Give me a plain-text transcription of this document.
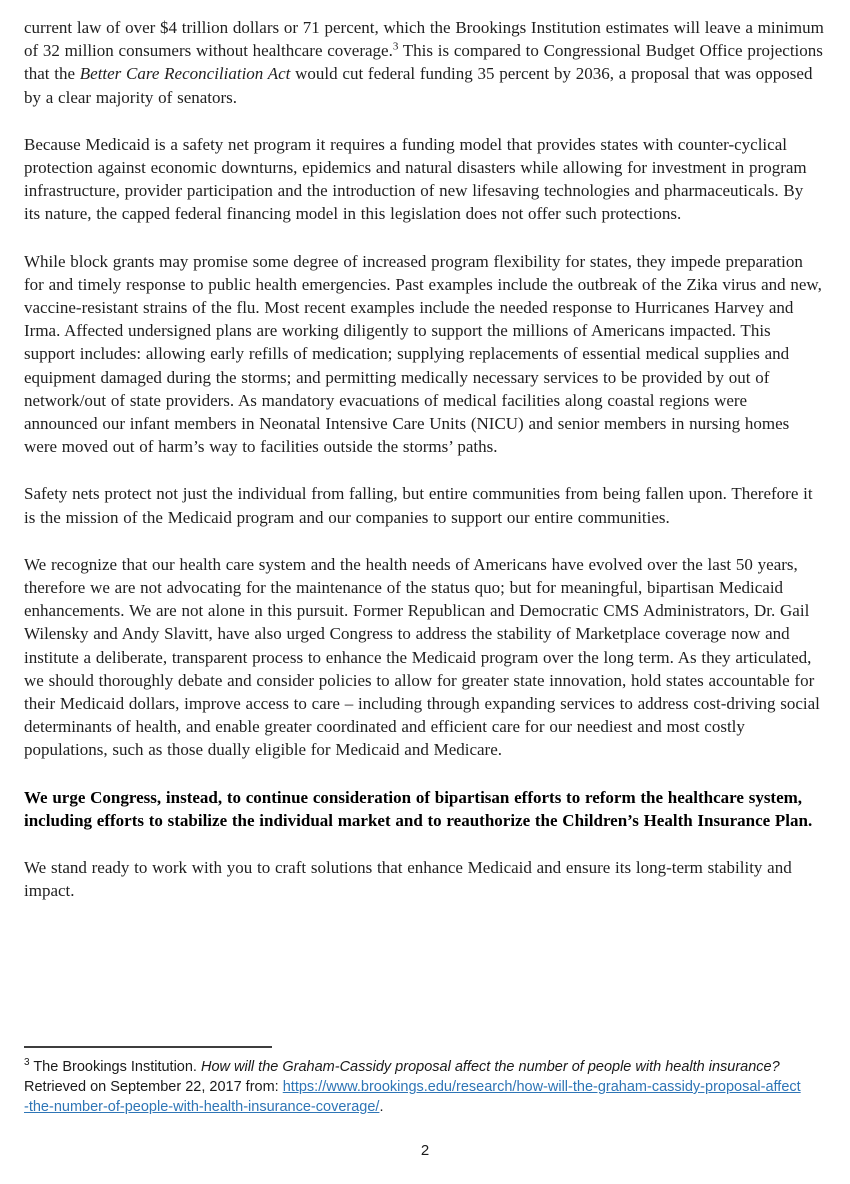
current law of over $4 trillion dollars or 71 percent, which the Brookings Institution estimates will leave a minimum of 32 million consumers without healthcare coverage.$^3$ This is compared to Congressional Budget Office projections that the Better Care Reconciliation Act would cut federal funding 35 percent by 2036, a proposal that was opposed by a clear majority of senators.

Because Medicaid is a safety net program it requires a funding model that provides states with counter-cyclical protection against economic downturns, epidemics and natural disasters while allowing for investment in program infrastructure, provider participation and the introduction of new lifesaving technologies and pharmaceuticals. By its nature, the capped federal financing model in this legislation does not offer such protections.

While block grants may promise some degree of increased program flexibility for states, they impede preparation for and timely response to public health emergencies. Past examples include the outbreak of the Zika virus and new, vaccine-resistant strains of the flu. Most recent examples include the needed response to Hurricanes Harvey and Irma. Affected undersigned plans are working diligently to support the millions of Americans impacted. This support includes: allowing early refills of medication; supplying replacements of essential medical supplies and equipment damaged during the storms; and permitting medically necessary services to be provided by out of network/out of state providers. As mandatory evacuations of medical facilities along coastal regions were announced our infant members in Neonatal Intensive Care Units (NICU) and senior members in nursing homes were moved out of harm’s way to facilities outside the storms’ paths.

Safety nets protect not just the individual from falling, but entire communities from being fallen upon. Therefore it is the mission of the Medicaid program and our companies to support our entire communities.

We recognize that our health care system and the health needs of Americans have evolved over the last 50 years, therefore we are not advocating for the maintenance of the status quo; but for meaningful, bipartisan Medicaid enhancements. We are not alone in this pursuit. Former Republican and Democratic CMS Administrators, Dr. Gail Wilensky and Andy Slavitt, have also urged Congress to address the stability of Marketplace coverage now and institute a deliberate, transparent process to enhance the Medicaid program over the long term. As they articulated, we should thoroughly debate and consider policies to allow for greater state innovation, hold states accountable for their Medicaid dollars, improve access to care – including through expanding services to address cost-driving social determinants of health, and enable greater coordinated and efficient care for our neediest and most costly populations, such as those dually eligible for Medicaid and Medicare.

We urge Congress, instead, to continue consideration of bipartisan efforts to reform the healthcare system, including efforts to stabilize the individual market and to reauthorize the Children’s Health Insurance Plan.

We stand ready to work with you to craft solutions that enhance Medicaid and ensure its long-term stability and impact.

$^3$ The Brookings Institution. How will the Graham-Cassidy proposal affect the number of people with health insurance? Retrieved on September 22, 2017 from: https://www.brookings.edu/research/how-will-the-graham-cassidy-proposal-affect-the-number-of-people-with-health-insurance-coverage/.

2
